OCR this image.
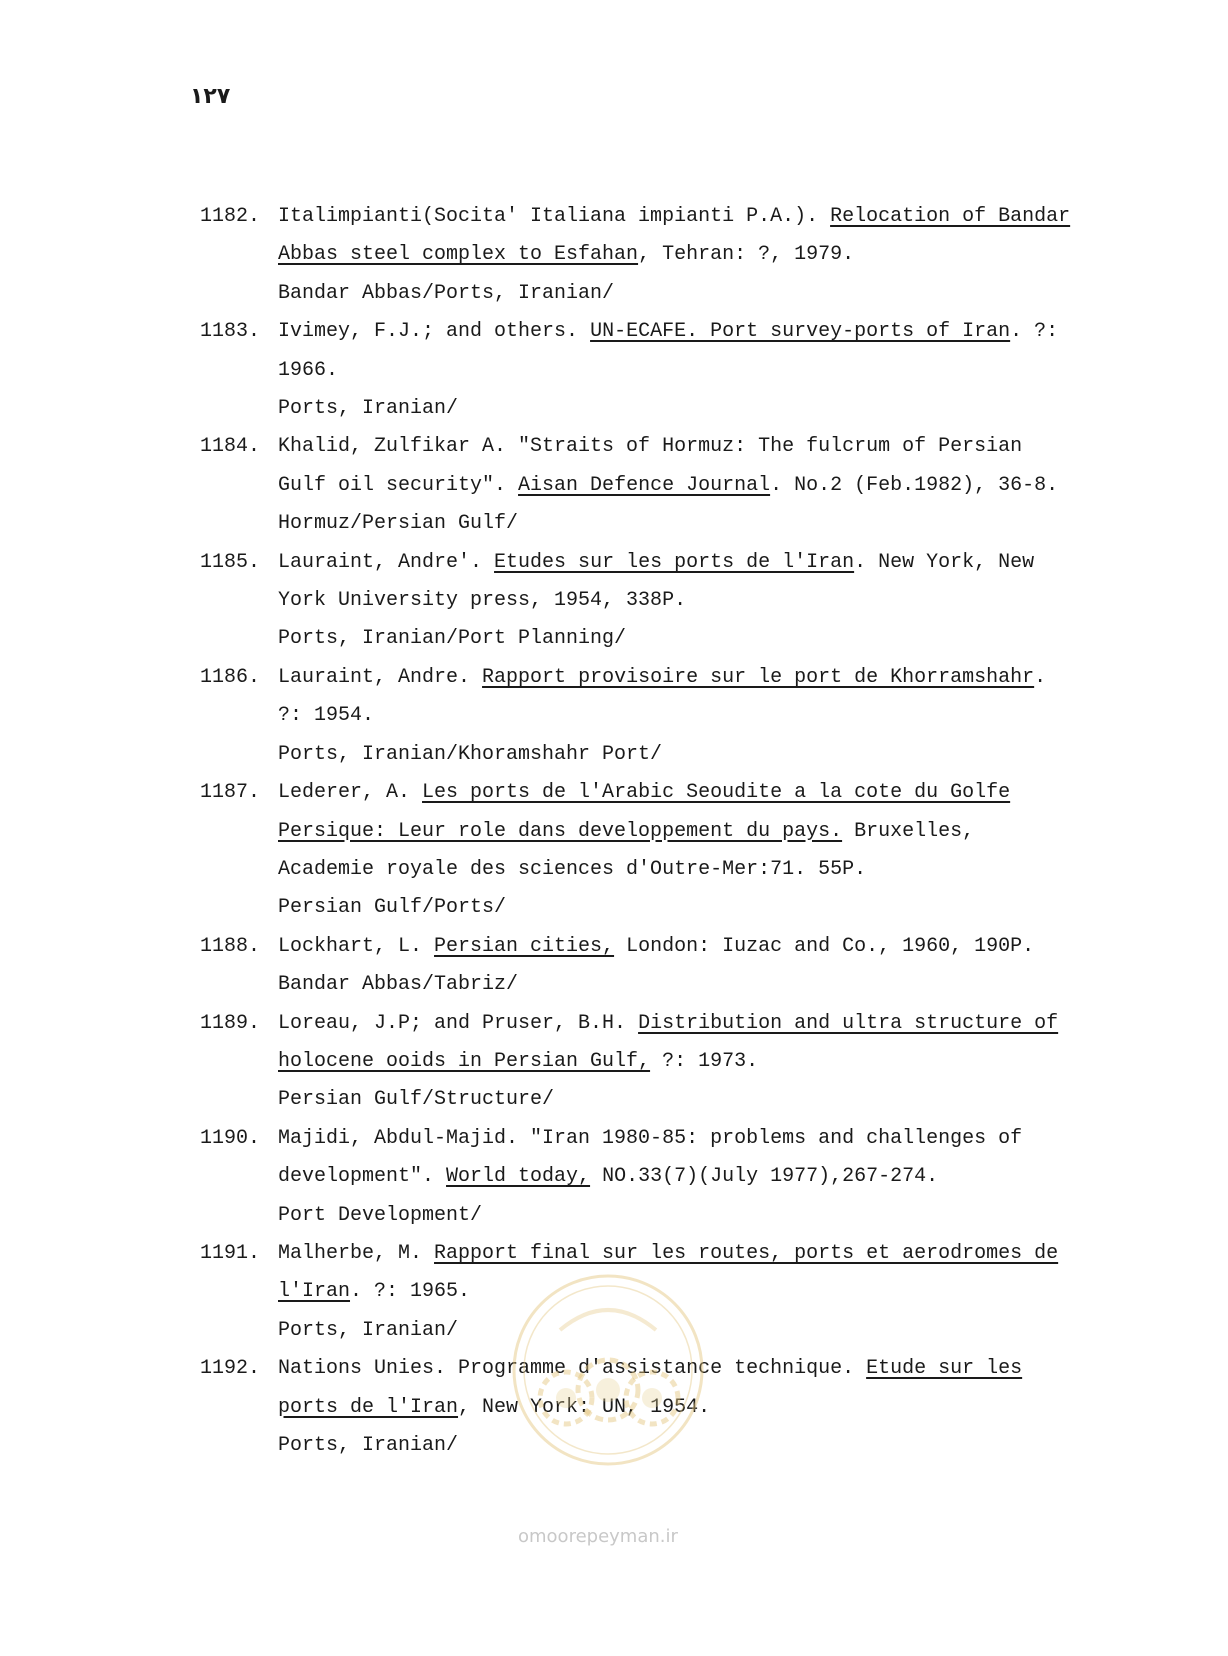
١٢٧
1182. Italimpianti(Socita' Italiana impianti P.A.). Relocation of Bandar Abbas steel complex to Esfahan, Tehran: ?, 1979.
Bandar Abbas/Ports, Iranian/
1183. Ivimey, F.J.; and others. UN-ECAFE. Port survey-ports of Iran. ?: 1966.
Ports, Iranian/
1184. Khalid, Zulfikar A. "Straits of Hormuz: The fulcrum of Persian Gulf oil security". Aisan Defence Journal. No.2 (Feb.1982), 36-8.
Hormuz/Persian Gulf/
1185. Lauraint, Andre'. Etudes sur les ports de l'Iran. New York, New York University press, 1954, 338P.
Ports, Iranian/Port Planning/
1186. Lauraint, Andre. Rapport provisoire sur le port de Khorramshahr. ?: 1954.
Ports, Iranian/Khoramshahr Port/
1187. Lederer, A. Les ports de l'Arabic Seoudite a la cote du Golfe Persique: Leur role dans developpement du pays. Bruxelles, Academie royale des sciences d'Outre-Mer:71. 55P.
Persian Gulf/Ports/
1188. Lockhart, L. Persian cities, London: Iuzac and Co., 1960, 190P.
Bandar Abbas/Tabriz/
1189. Loreau, J.P; and Pruser, B.H. Distribution and ultra structure of holocene ooids in Persian Gulf, ?: 1973.
Persian Gulf/Structure/
1190. Majidi, Abdul-Majid. "Iran 1980-85: problems and challenges of development". World today, NO.33(7)(July 1977),267-274.
Port Development/
1191. Malherbe, M. Rapport final sur les routes, ports et aerodromes de l'Iran. ?: 1965.
Ports, Iranian/
1192. Nations Unies. Programme d'assistance technique. Etude sur les ports de l'Iran, New York: UN, 1954.
Ports, Iranian/
omoorepeyman.ir
